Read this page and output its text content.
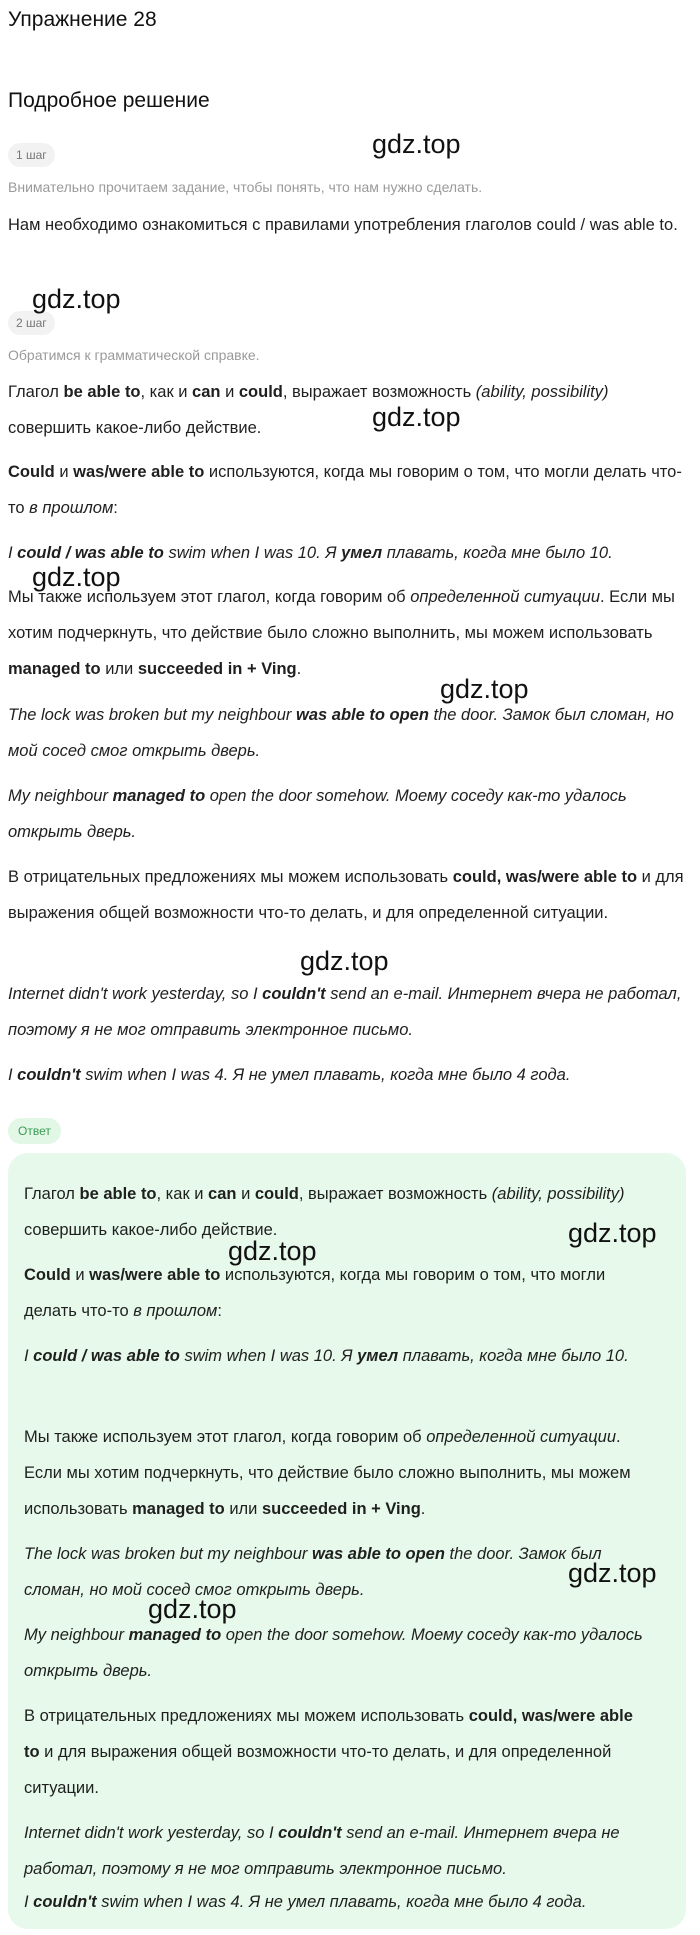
Упражнение 28
Подробное решение
1 шаг
Внимательно прочитаем задание, чтобы понять, что нам нужно сделать.

Нам необходимо ознакомиться с правилами употребления глаголов could / was able to.

2 шаг
Обратимся к грамматической справке.

Глагол be able to, как и can и could, выражает возможность (ability, possibility) совершить какое-либо действие.

Could и was/were able to используются, когда мы говорим о том, что могли делать что-то в прошлом:

I could / was able to swim when I was 10. Я умел плавать, когда мне было 10.

Мы также используем этот глагол, когда говорим об определенной ситуации. Если мы хотим подчеркнуть, что действие было сложно выполнить, мы можем использовать managed to или succeeded in + Ving.

The lock was broken but my neighbour was able to open the door. Замок был сломан, но мой сосед смог открыть дверь.

My neighbour managed to open the door somehow. Моему соседу как-то удалось открыть дверь.

В отрицательных предложениях мы можем использовать could, was/were able to и для выражения общей возможности что-то делать, и для определенной ситуации.

Internet didn't work yesterday, so I couldn't send an e-mail. Интернет вчера не работал, поэтому я не мог отправить электронное письмо.

I couldn't swim when I was 4. Я не умел плавать, когда мне было 4 года.

Ответ

Глагол be able to, как и can и could, выражает возможность (ability, possibility) совершить какое-либо действие.

Could и was/were able to используются, когда мы говорим о том, что могли делать что-то в прошлом:

I could / was able to swim when I was 10. Я умел плавать, когда мне было 10.

Мы также используем этот глагол, когда говорим об определенной ситуации. Если мы хотим подчеркнуть, что действие было сложно выполнить, мы можем использовать managed to или succeeded in + Ving.

The lock was broken but my neighbour was able to open the door. Замок был сломан, но мой сосед смог открыть дверь.

My neighbour managed to open the door somehow. Моему соседу как-то удалось открыть дверь.

В отрицательных предложениях мы можем использовать could, was/were able to и для выражения общей возможности что-то делать, и для определенной ситуации.

Internet didn't work yesterday, so I couldn't send an e-mail. Интернет вчера не работал, поэтому я не мог отправить электронное письмо.

I couldn't swim when I was 4. Я не умел плавать, когда мне было 4 года.

gdz.top
gdz.top
gdz.top
gdz.top
gdz.top
gdz.top
gdz.top
gdz.top
gdz.top
gdz.top
